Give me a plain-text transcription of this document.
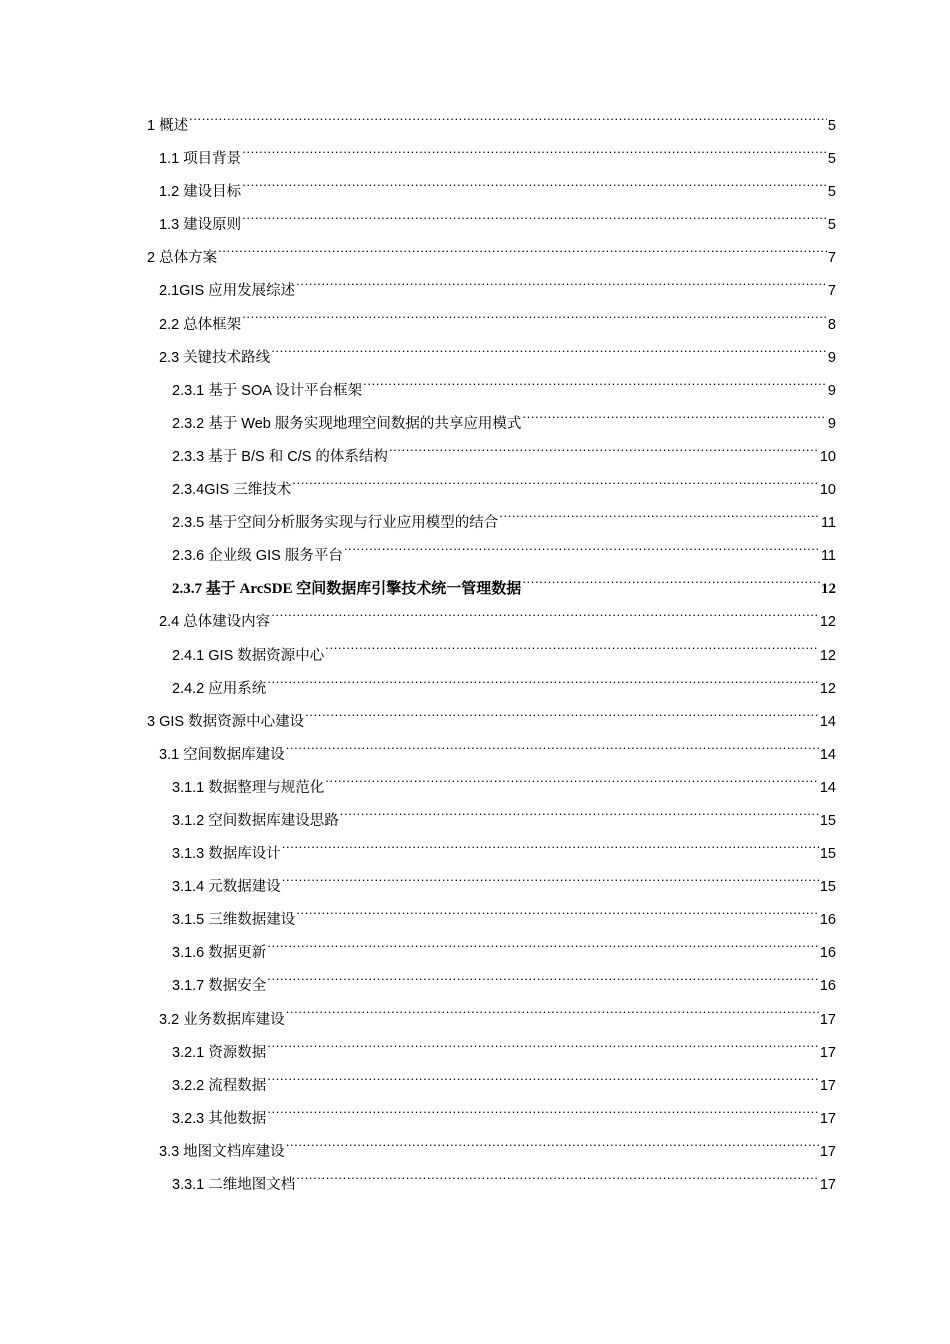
1 概述 .....	5
1.1 项目背景 .....	5
1.2 建设目标 .....	5
1.3 建设原则 .....	5
2 总体方案 .....	7
2.1GIS 应用发展综述 .....	7
2.2 总体框架 .....	8
2.3 关键技术路线 .....	9
2.3.1 基于 SOA 设计平台框架 .....	9
2.3.2 基于 Web 服务实现地理空间数据的共享应用模式 .....	9
2.3.3 基于 B/S 和 C/S 的体系结构 .....	10
2.3.4GIS 三维技术 .....	10
2.3.5 基于空间分析服务实现与行业应用模型的结合 .....	11
2.3.6 企业级 GIS 服务平台 .....	11
2.3.7 基于 ArcSDE 空间数据库引擎技术统一管理数据 .....	12
2.4 总体建设内容 .....	12
2.4.1 GIS 数据资源中心 .....	12
2.4.2 应用系统 .....	12
3 GIS 数据资源中心建设 .....	14
3.1 空间数据库建设 .....	14
3.1.1 数据整理与规范化 .....	14
3.1.2 空间数据库建设思路 .....	15
3.1.3 数据库设计 .....	15
3.1.4 元数据建设 .....	15
3.1.5 三维数据建设 .....	16
3.1.6 数据更新 .....	16
3.1.7 数据安全 .....	16
3.2 业务数据库建设 .....	17
3.2.1 资源数据 .....	17
3.2.2 流程数据 .....	17
3.2.3 其他数据 .....	17
3.3 地图文档库建设 .....	17
3.3.1 二维地图文档 .....	17
